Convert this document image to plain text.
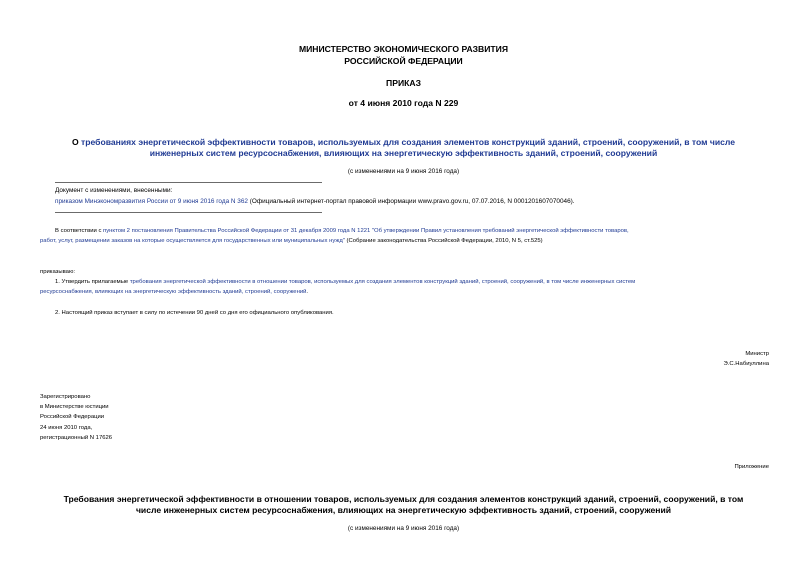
МИНИСТЕРСТВО ЭКОНОМИЧЕСКОГО РАЗВИТИЯ
РОССИЙСКОЙ ФЕДЕРАЦИИ
ПРИКАЗ
от 4 июня 2010 года N 229
О требованиях энергетической эффективности товаров, используемых для создания элементов конструкций зданий, строений, сооружений, в том числе
инженерных систем ресурсоснабжения, влияющих на энергетическую эффективность зданий, строений, сооружений
(с изменениями на 9 июня 2016 года)
Документ с изменениями, внесенными:
приказом Минэкономразвития России от 9 июня 2016 года N 362 (Официальный интернет-портал правовой информации www.pravo.gov.ru, 07.07.2016, N 0001201607070046).
В соответствии с пунктом 2 постановления Правительства Российской Федерации от 31 декабря 2009 года N 1221 "Об утверждении Правил установления требований энергетической эффективности товаров,
работ, услуг, размещении заказов на которые осуществляется для государственных или муниципальных нужд" (Собрание законодательства Российской Федерации, 2010, N 5, ст.525)
приказываю:
1. Утвердить прилагаемые требования энергетической эффективности в отношении товаров, используемых для создания элементов конструкций зданий, строений, сооружений, в том числе инженерных систем
ресурсоснабжения, влияющих на энергетическую эффективность зданий, строений, сооружений.
2. Настоящий приказ вступает в силу по истечении 90 дней со дня его официального опубликования.
Министр
Э.С.Набиуллина
Зарегистрировано
в Министерстве юстиции
Российской Федерации
24 июня 2010 года,
регистрационный N 17626
Приложение
Требования энергетической эффективности в отношении товаров, используемых для создания элементов конструкций зданий, строений, сооружений, в том
числе инженерных систем ресурсоснабжения, влияющих на энергетическую эффективность зданий, строений, сооружений
(с изменениями на 9 июня 2016 года)
